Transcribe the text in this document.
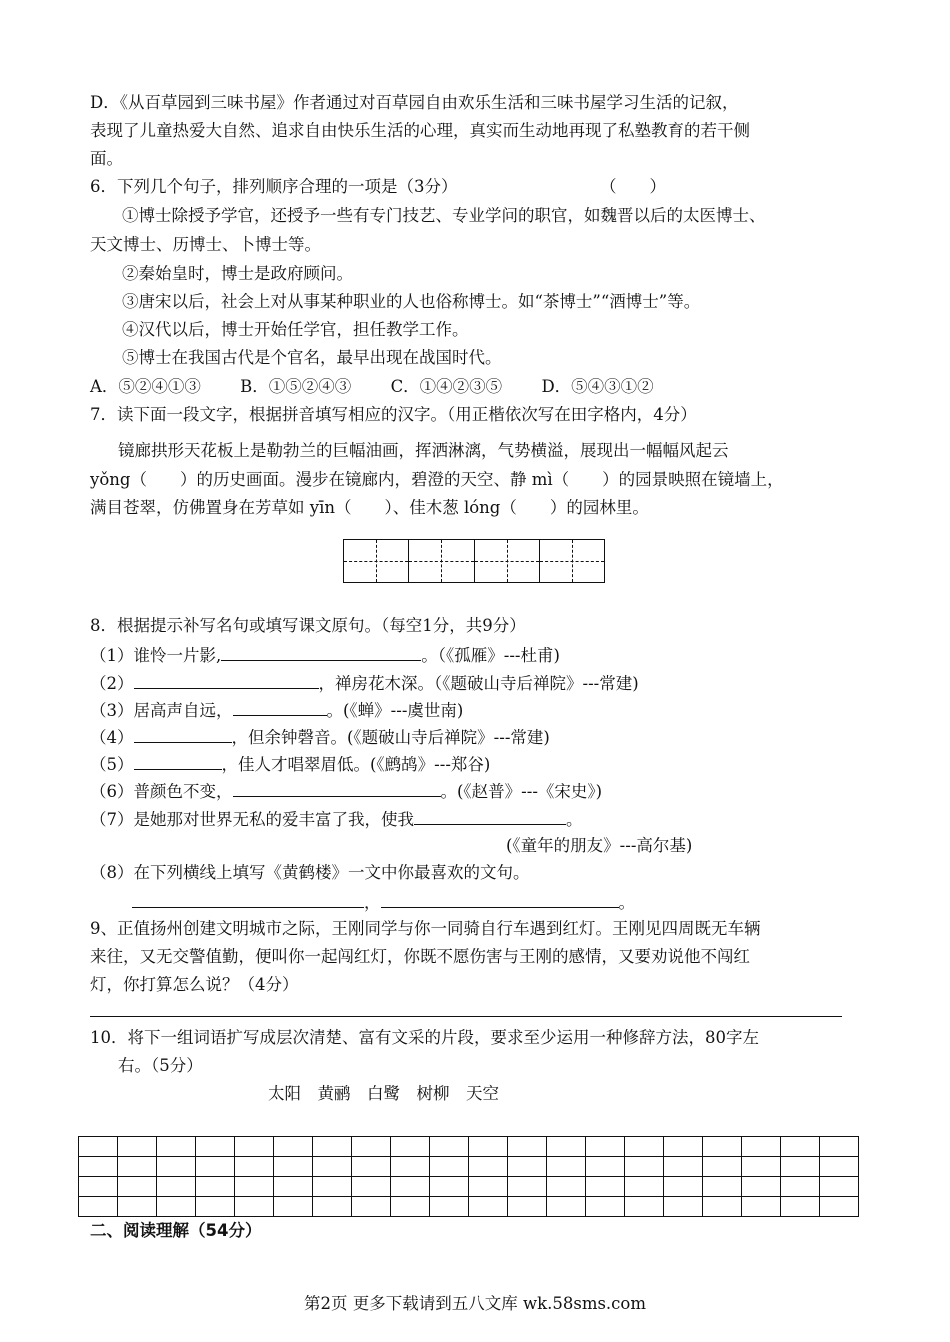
D．《从百草园到三味书屋》作者通过对百草园自由欢乐生活和三味书屋学习生活的记叙，
表现了儿童热爱大自然、追求自由快乐生活的心理，真实而生动地再现了私塾教育的若干侧
面。
6．下列几个句子，排列顺序合理的一项是（3分）	（　　）
①博士除授予学官，还授予一些有专门技艺、专业学问的职官，如魏晋以后的太医博士、
天文博士、历博士、卜博士等。
②秦始皇时，博士是政府顾问。
③唐宋以后，社会上对从事某种职业的人也俗称博士。如“茶博士”“酒博士”等。
④汉代以后，博士开始任学官，担任教学工作。
⑤博士在我国古代是个官名，最早出现在战国时代。
A．⑤②④①③ B．①⑤②④③ C．①④②③⑤ D．⑤④③①②
7．读下面一段文字，根据拼音填写相应的汉字。（用正楷依次写在田字格内，4分）
镜廊拱形天花板上是勒勃兰的巨幅油画，挥洒淋漓，气势横溢，展现出一幅幅风起云
yǒng（　　）的历史画面。漫步在镜廊内，碧澄的天空、静 mì（　　）的园景映照在镜墙上，
满目苍翠，仿佛置身在芳草如 yīn（　　）、佳木葱 lóng（　　）的园林里。
8．根据提示补写名句或填写课文原句。（每空1分，共9分）
（1）谁怜一片影,	。（《孤雁》---杜甫)
（2）	，禅房花木深。（《题破山寺后禅院》---常建)
（3）居高声自远，	。(《蝉》---虞世南)
（4）	，但余钟磬音。(《题破山寺后禅院》---常建)
（5）	，佳人才唱翠眉低。(《鹧鸪》---郑谷)
（6）普颜色不变，	。(《赵普》---《宋史》)
（7）是她那对世界无私的爱丰富了我，使我	。
(《童年的朋友》---高尔基)
（8）在下列横线上填写《黄鹤楼》一文中你最喜欢的文句。
，	。
9、正值扬州创建文明城市之际，王刚同学与你一同骑自行车遇到红灯。王刚见四周既无车辆
来往，又无交警值勤，便叫你一起闯红灯，你既不愿伤害与王刚的感情，又要劝说他不闯红
灯，你打算怎么说？（4分）
10．将下一组词语扩写成层次清楚、富有文采的片段，要求至少运用一种修辞方法，80字左
右。（5分）
太阳　黄鹂　白鹭　树柳　天空

二、阅读理解（54分）
第2页 更多下载请到五八文库 wk.58sms.com
